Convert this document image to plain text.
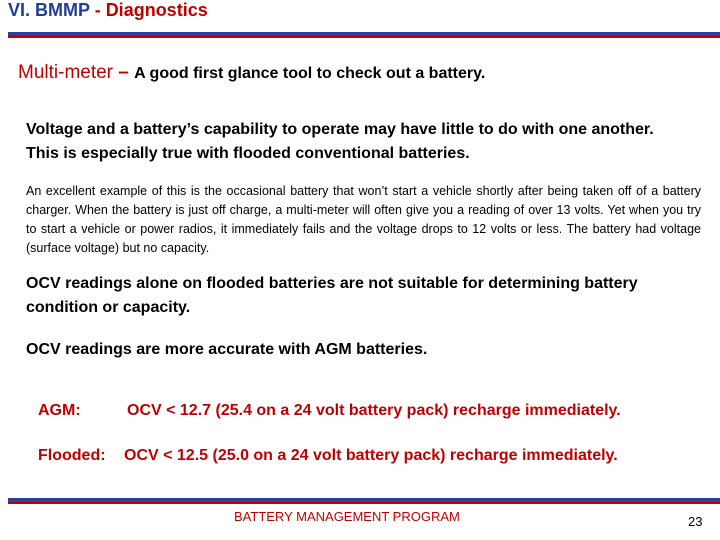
VI. BMMP - Diagnostics
Multi-meter – A good first glance tool to check out a battery.
Voltage and a battery’s capability to operate may have little to do with one another. This is especially true with flooded conventional batteries.
An excellent example of this is the occasional battery that won’t start a vehicle shortly after being taken off of a battery charger. When the battery is just off charge, a multi-meter will often give you a reading of over 13 volts. Yet when you try to start a vehicle or power radios, it immediately fails and the voltage drops to 12 volts or less. The battery had voltage (surface voltage) but no capacity.
OCV readings alone on flooded batteries are not suitable for determining battery condition or capacity.
OCV readings are more accurate with AGM batteries.
AGM:	OCV < 12.7 (25.4 on a 24 volt battery pack) recharge immediately.
Flooded: OCV < 12.5 (25.0 on a 24 volt battery pack) recharge immediately.
BATTERY MANAGEMENT PROGRAM	23
